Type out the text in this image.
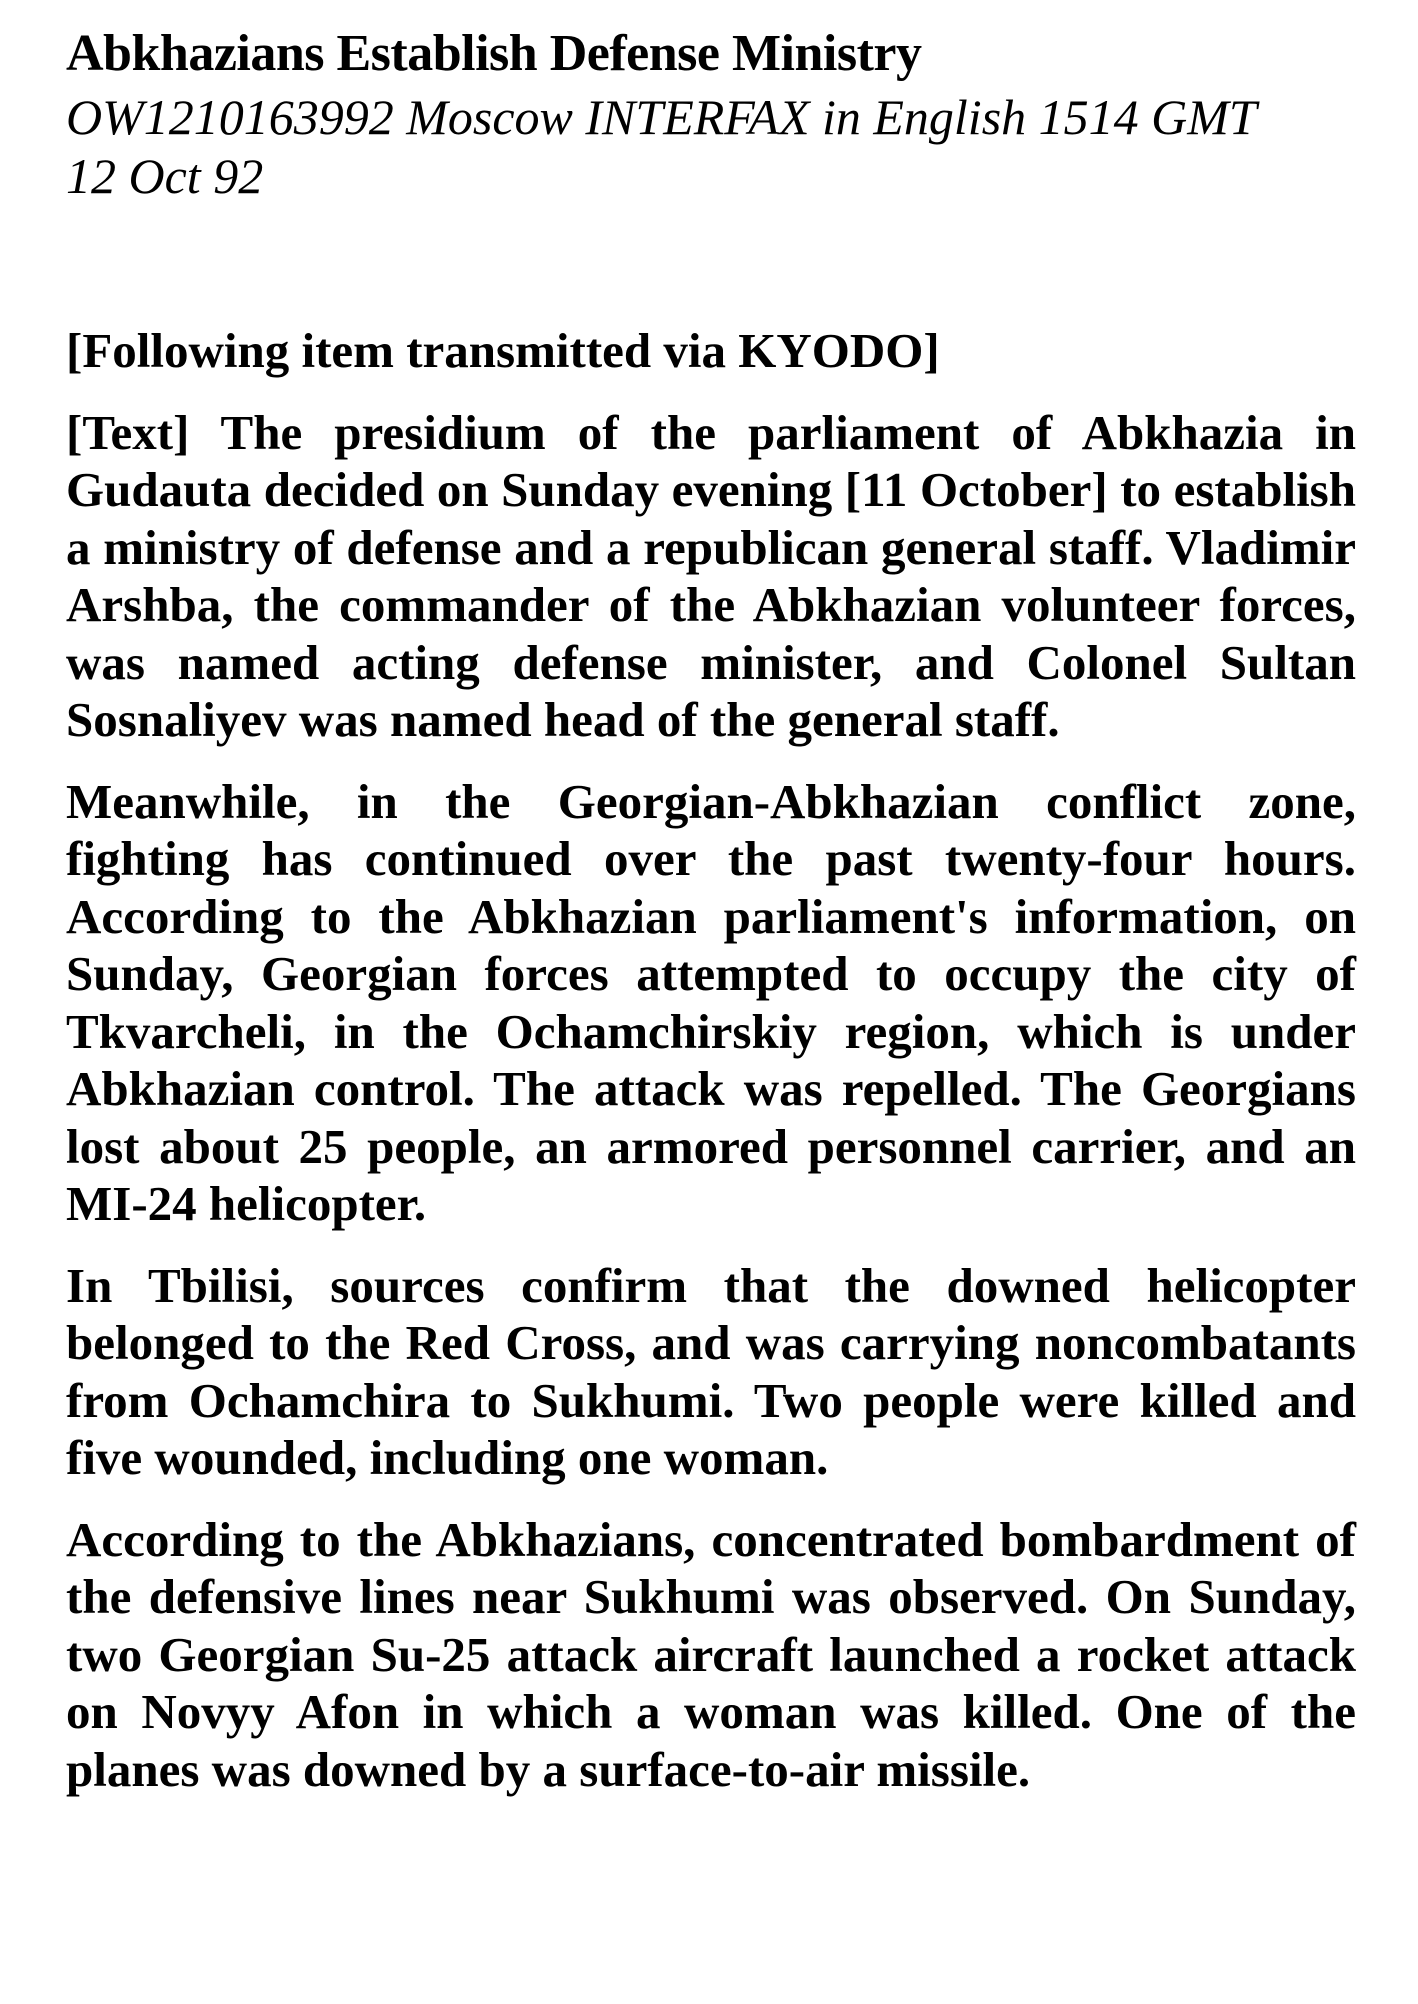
Abkhazians Establish Defense Ministry
OW1210163992 Moscow INTERFAX in English 1514 GMT 12 Oct 92

[Following item transmitted via KYODO]

[Text] The presidium of the parliament of Abkhazia in Gudauta decided on Sunday evening [11 October] to establish a ministry of defense and a republican general staff. Vladimir Arshba, the commander of the Abkhazian volunteer forces, was named acting defense minister, and Colonel Sultan Sosnaliyev was named head of the general staff.

Meanwhile, in the Georgian-Abkhazian conflict zone, fighting has continued over the past twenty-four hours. According to the Abkhazian parliament's information, on Sunday, Georgian forces attempted to occupy the city of Tkvarcheli, in the Ochamchirskiy region, which is under Abkhazian control. The attack was repelled. The Georgians lost about 25 people, an armored personnel carrier, and an MI-24 helicopter.

In Tbilisi, sources confirm that the downed helicopter belonged to the Red Cross, and was carrying noncombatants from Ochamchira to Sukhumi. Two people were killed and five wounded, including one woman.

According to the Abkhazians, concentrated bombardment of the defensive lines near Sukhumi was observed. On Sunday, two Georgian Su-25 attack aircraft launched a rocket attack on Novyy Afon in which a woman was killed. One of the planes was downed by a surface-to-air missile.
